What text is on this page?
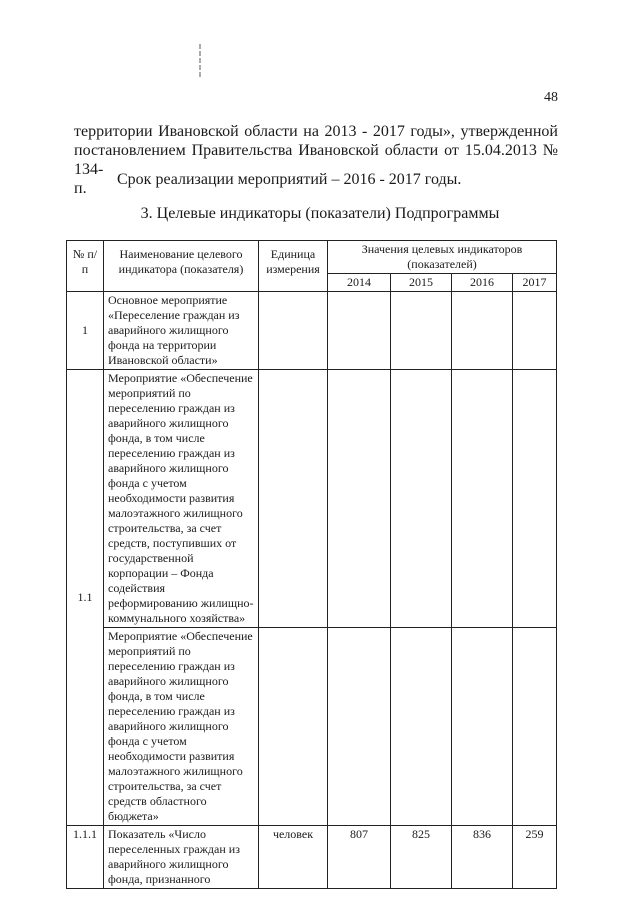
48
территории Ивановской области на 2013 - 2017 годы», утвержденной
постановлением Правительства Ивановской области от 15.04.2013 № 134-
п.
Срок реализации мероприятий – 2016 - 2017 годы.
3. Целевые индикаторы (показатели) Подпрограммы
№ п/п	Наименование целевого индикатора (показателя)	Единица измерения	Значения целевых индикаторов (показателей)			
			2014	2015	2016	2017
1	Основное мероприятие «Переселение граждан из аварийного жилищного фонда на территории Ивановской области»					
1.1	Мероприятие «Обеспечение мероприятий по переселению граждан из аварийного жилищного фонда, в том числе переселению граждан из аварийного жилищного фонда с учетом необходимости развития малоэтажного жилищного строительства, за счет средств, поступивших от государственной корпорации – Фонда содействия реформированию жилищно-коммунального хозяйства»					
	Мероприятие «Обеспечение мероприятий по переселению граждан из аварийного жилищного фонда, в том числе переселению граждан из аварийного жилищного фонда с учетом необходимости развития малоэтажного жилищного строительства, за счет средств областного бюджета»					
1.1.1	Показатель «Число переселенных граждан из аварийного жилищного фонда, признанного	человек	807	825	836	259
